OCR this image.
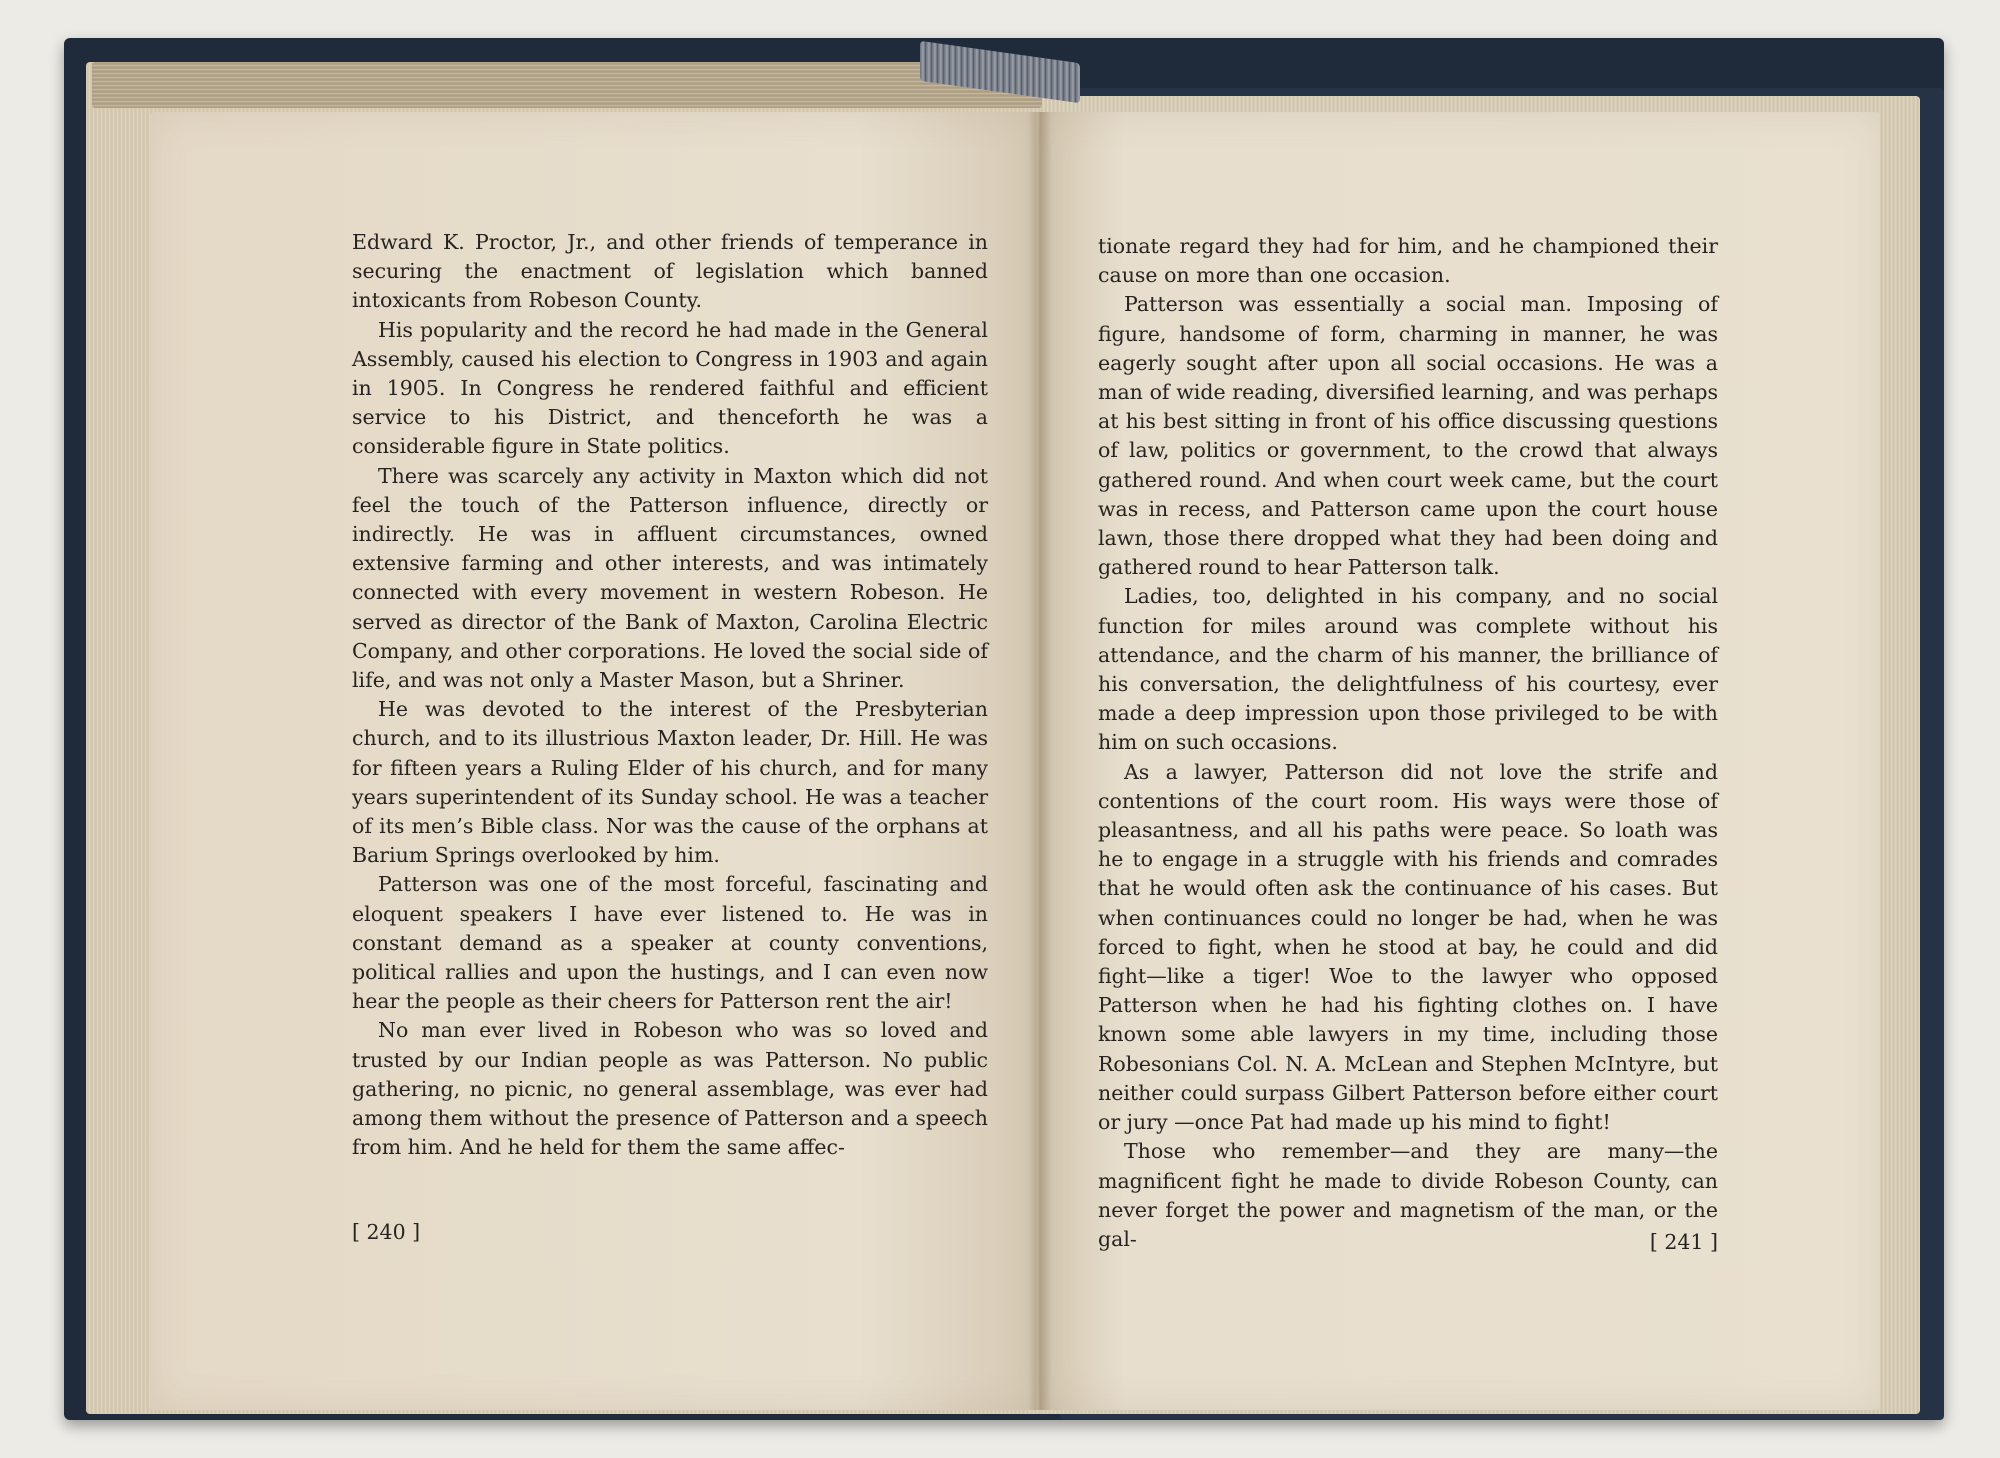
Edward K. Proctor, Jr., and other friends of temperance in securing the enactment of legislation which banned intoxicants from Robeson County.

His popularity and the record he had made in the General Assembly, caused his election to Congress in 1903 and again in 1905. In Congress he rendered faithful and efficient service to his District, and thenceforth he was a considerable figure in State politics.

There was scarcely any activity in Maxton which did not feel the touch of the Patterson influence, directly or indirectly. He was in affluent circumstances, owned extensive farming and other interests, and was intimately connected with every movement in western Robeson. He served as director of the Bank of Maxton, Carolina Electric Company, and other corporations. He loved the social side of life, and was not only a Master Mason, but a Shriner.

He was devoted to the interest of the Presbyterian church, and to its illustrious Maxton leader, Dr. Hill. He was for fifteen years a Ruling Elder of his church, and for many years superintendent of its Sunday school. He was a teacher of its men’s Bible class. Nor was the cause of the orphans at Barium Springs overlooked by him.

Patterson was one of the most forceful, fascinating and eloquent speakers I have ever listened to. He was in constant demand as a speaker at county conventions, political rallies and upon the hustings, and I can even now hear the people as their cheers for Patterson rent the air!

No man ever lived in Robeson who was so loved and trusted by our Indian people as was Patterson. No public gathering, no picnic, no general assemblage, was ever had among them without the presence of Patterson and a speech from him. And he held for them the same affec-

[ 240 ]

tionate regard they had for him, and he championed their cause on more than one occasion.

Patterson was essentially a social man. Imposing of figure, handsome of form, charming in manner, he was eagerly sought after upon all social occasions. He was a man of wide reading, diversified learning, and was perhaps at his best sitting in front of his office discussing questions of law, politics or government, to the crowd that always gathered round. And when court week came, but the court was in recess, and Patterson came upon the court house lawn, those there dropped what they had been doing and gathered round to hear Patterson talk.

Ladies, too, delighted in his company, and no social function for miles around was complete without his attendance, and the charm of his manner, the brilliance of his conversation, the delightfulness of his courtesy, ever made a deep impression upon those privileged to be with him on such occasions.

As a lawyer, Patterson did not love the strife and contentions of the court room. His ways were those of pleasantness, and all his paths were peace. So loath was he to engage in a struggle with his friends and comrades that he would often ask the continuance of his cases. But when continuances could no longer be had, when he was forced to fight, when he stood at bay, he could and did fight—like a tiger! Woe to the lawyer who opposed Patterson when he had his fighting clothes on. I have known some able lawyers in my time, including those Robesonians Col. N. A. McLean and Stephen McIntyre, but neither could surpass Gilbert Patterson before either court or jury —once Pat had made up his mind to fight!

Those who remember—and they are many—the magnificent fight he made to divide Robeson County, can never forget the power and magnetism of the man, or the gal-	[ 241 ]
